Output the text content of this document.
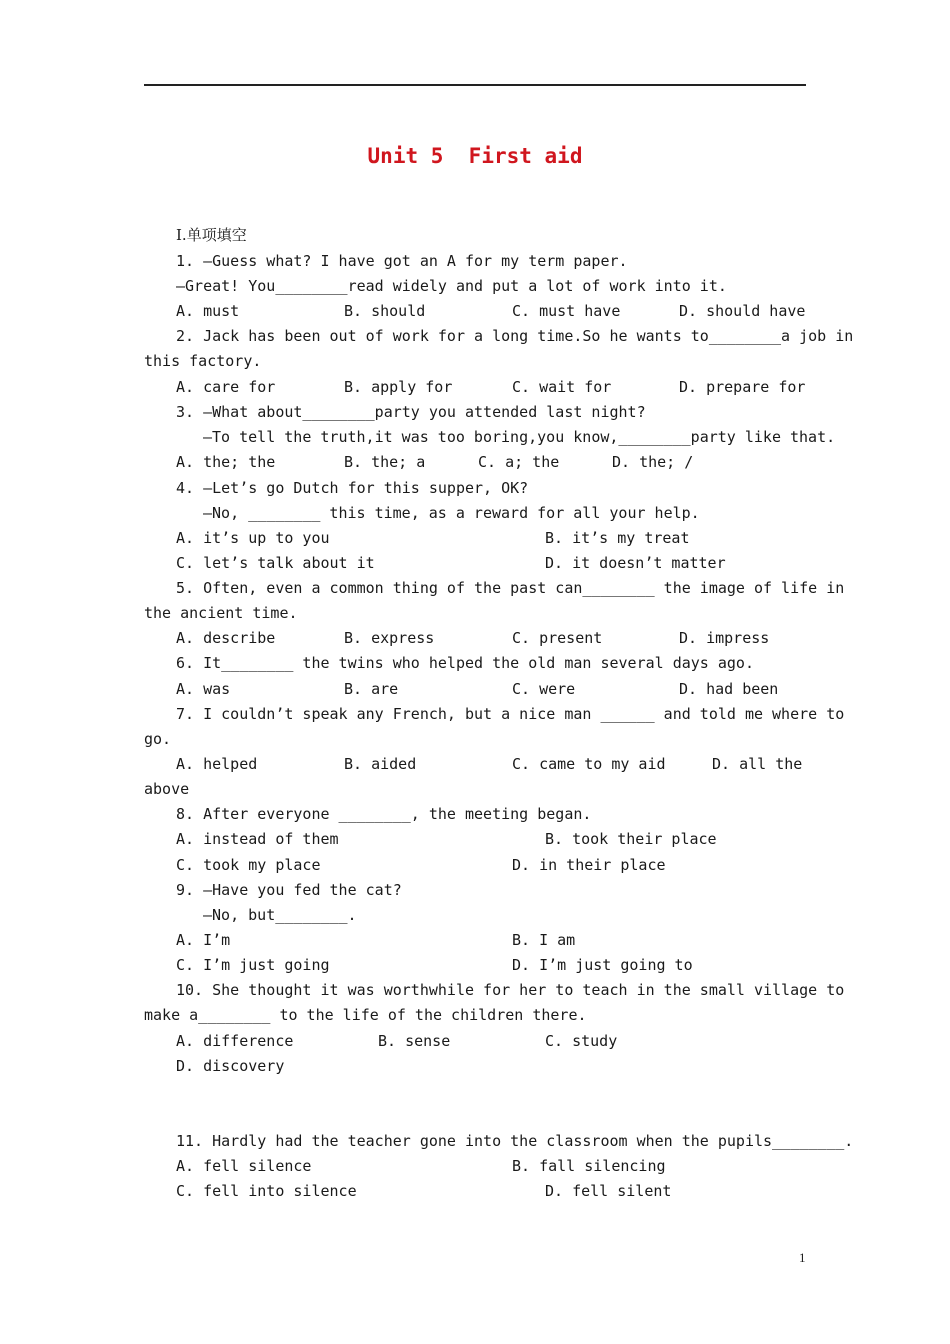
Unit 5  First aid
Ⅰ.单项填空
1. —Guess what? I have got an A for my term paper.
—Great! You________read widely and put a lot of work into it.
A. must	B. should	C. must have	D. should have
2. Jack has been out of work for a long time.So he wants to________a job in
this factory.
A. care for	B. apply for	C. wait for	D. prepare for
3. —What about________party you attended last night?
—To tell the truth,it was too boring,you know,________party like that.
A. the; the	B. the; a	C. a; the	D. the; /
4. —Let’s go Dutch for this supper, OK?
—No, ________ this time, as a reward for all your help.
A. it’s up to you	B. it’s my treat
C. let’s talk about it	D. it doesn’t matter
5. Often, even a common thing of the past can________ the image of life in
the ancient time.
A. describe	B. express	C. present	D. impress
6. It________ the twins who helped the old man several days ago.
A. was	B. are	C. were	D. had been
7. I couldn’t speak any French, but a nice man ______ and told me where to
go.
A. helped	B. aided	C. came to my aid	D. all the
above
8. After everyone ________, the meeting began.
A. instead of them	B. took their place
C. took my place	D. in their place
9. —Have you fed the cat?
—No, but________.
A. I’m	B. I am
C. I’m just going	D. I’m just going to
10. She thought it was worthwhile for her to teach in the small village to
make a________ to the life of the children there.
A. difference	B. sense	C. study
D. discovery
11. Hardly had the teacher gone into the classroom when the pupils________.
A. fell silence	B. fall silencing
C. fell into silence	D. fell silent
1
